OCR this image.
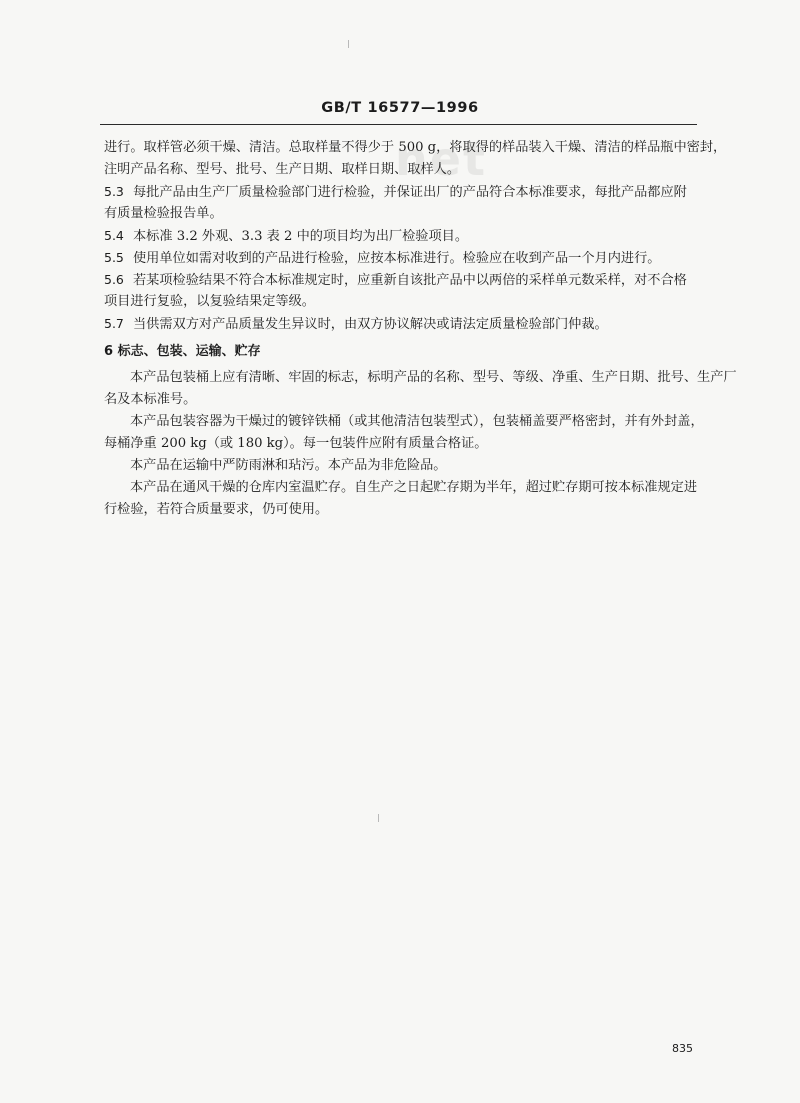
GB/T 16577—1996
net
进行。取样管必须干燥、清洁。总取样量不得少于 500 g，将取得的样品装入干燥、清洁的样品瓶中密封，
注明产品名称、型号、批号、生产日期、取样日期、取样人。
5.3 每批产品由生产厂质量检验部门进行检验，并保证出厂的产品符合本标准要求，每批产品都应附
有质量检验报告单。
5.4 本标准 3.2 外观、3.3 表 2 中的项目均为出厂检验项目。
5.5 使用单位如需对收到的产品进行检验，应按本标准进行。检验应在收到产品一个月内进行。
5.6 若某项检验结果不符合本标准规定时，应重新自该批产品中以两倍的采样单元数采样，对不合格
项目进行复验，以复验结果定等级。
5.7 当供需双方对产品质量发生异议时，由双方协议解决或请法定质量检验部门仲裁。
6 标志、包装、运输、贮存
本产品包装桶上应有清晰、牢固的标志，标明产品的名称、型号、等级、净重、生产日期、批号、生产厂
名及本标准号。
本产品包装容器为干燥过的镀锌铁桶（或其他清洁包装型式），包装桶盖要严格密封，并有外封盖，
每桶净重 200 kg（或 180 kg）。每一包装件应附有质量合格证。
本产品在运输中严防雨淋和玷污。本产品为非危险品。
本产品在通风干燥的仓库内室温贮存。自生产之日起贮存期为半年，超过贮存期可按本标准规定进
行检验，若符合质量要求，仍可使用。
835
